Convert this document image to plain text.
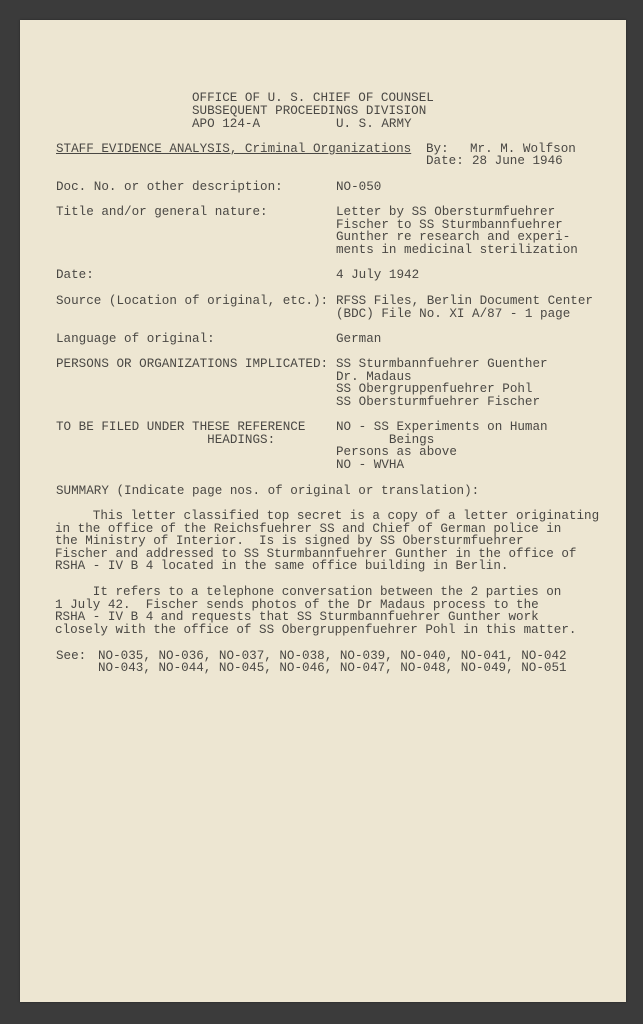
OFFICE OF U. S. CHIEF OF COUNSEL
SUBSEQUENT PROCEEDINGS DIVISION
APO 124-A	U. S. ARMY
STAFF EVIDENCE ANALYSIS, Criminal Organizations By: Mr. M. Wolfson
Date: 28 June 1946
Doc. No. or other description:	NO-050
Title and/or general nature:	Letter by SS Obersturmfuehrer
Fischer to SS Sturmbannfuehrer
Gunther re research and experi-
ments in medicinal sterilization
Date:	4 July 1942
Source (Location of original, etc.): RFSS Files, Berlin Document Center
(BDC) File No. XI A/87 - 1 page
Language of original:	German
PERSONS OR ORGANIZATIONS IMPLICATED: SS Sturmbannfuehrer Guenther
Dr. Madaus
SS Obergruppenfuehrer Pohl
SS Obersturmfuehrer Fischer
TO BE FILED UNDER THESE REFERENCE
HEADINGS:
NO - SS Experiments on Human
Beings
Persons as above
NO - WVHA
SUMMARY (Indicate page nos. of original or translation):
This letter classified top secret is a copy of a letter originating
in the office of the Reichsfuehrer SS and Chief of German police in
the Ministry of Interior.  Is is signed by SS Obersturmfuehrer
Fischer and addressed to SS Sturmbannfuehrer Gunther in the office of
RSHA - IV B 4 located in the same office building in Berlin.
It refers to a telephone conversation between the 2 parties on
1 July 42.  Fischer sends photos of the Dr Madaus process to the
RSHA - IV B 4 and requests that SS Sturmbannfuehrer Gunther work
closely with the office of SS Obergruppenfuehrer Pohl in this matter.
See: NO-035, NO-036, NO-037, NO-038, NO-039, NO-040, NO-041, NO-042
NO-043, NO-044, NO-045, NO-046, NO-047, NO-048, NO-049, NO-051
